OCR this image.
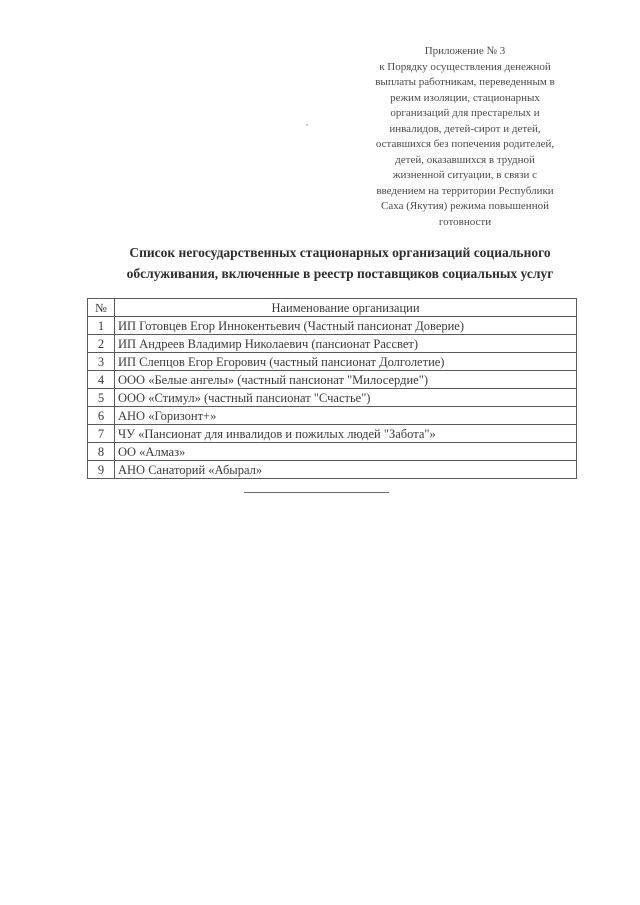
Приложение № 3
к Порядку осуществления денежной
выплаты работникам, переведенным в
режим изоляции, стационарных
организаций для престарелых и
инвалидов, детей-сирот и детей,
оставшихся без попечения родителей,
детей, оказавшихся в трудной
жизненной ситуации, в связи с
введением на территории Республики
Саха (Якутия) режима повышенной
готовности
Список негосударственных стационарных организаций социального
обслуживания, включенные в реестр поставщиков социальных услуг
№	Наименование организации
1	ИП Готовцев Егор Иннокентьевич (Частный пансионат Доверие)
2	ИП Андреев Владимир Николаевич (пансионат Рассвет)
3	ИП Слепцов Егор Егорович (частный пансионат Долголетие)
4	ООО «Белые ангелы» (частный пансионат "Милосердие")
5	ООО «Стимул» (частный пансионат "Счастье")
6	АНО «Горизонт+»
7	ЧУ «Пансионат для инвалидов и пожилых людей "Забота"»
8	ОО «Алмаз»
9	АНО Санаторий «Абырал»
